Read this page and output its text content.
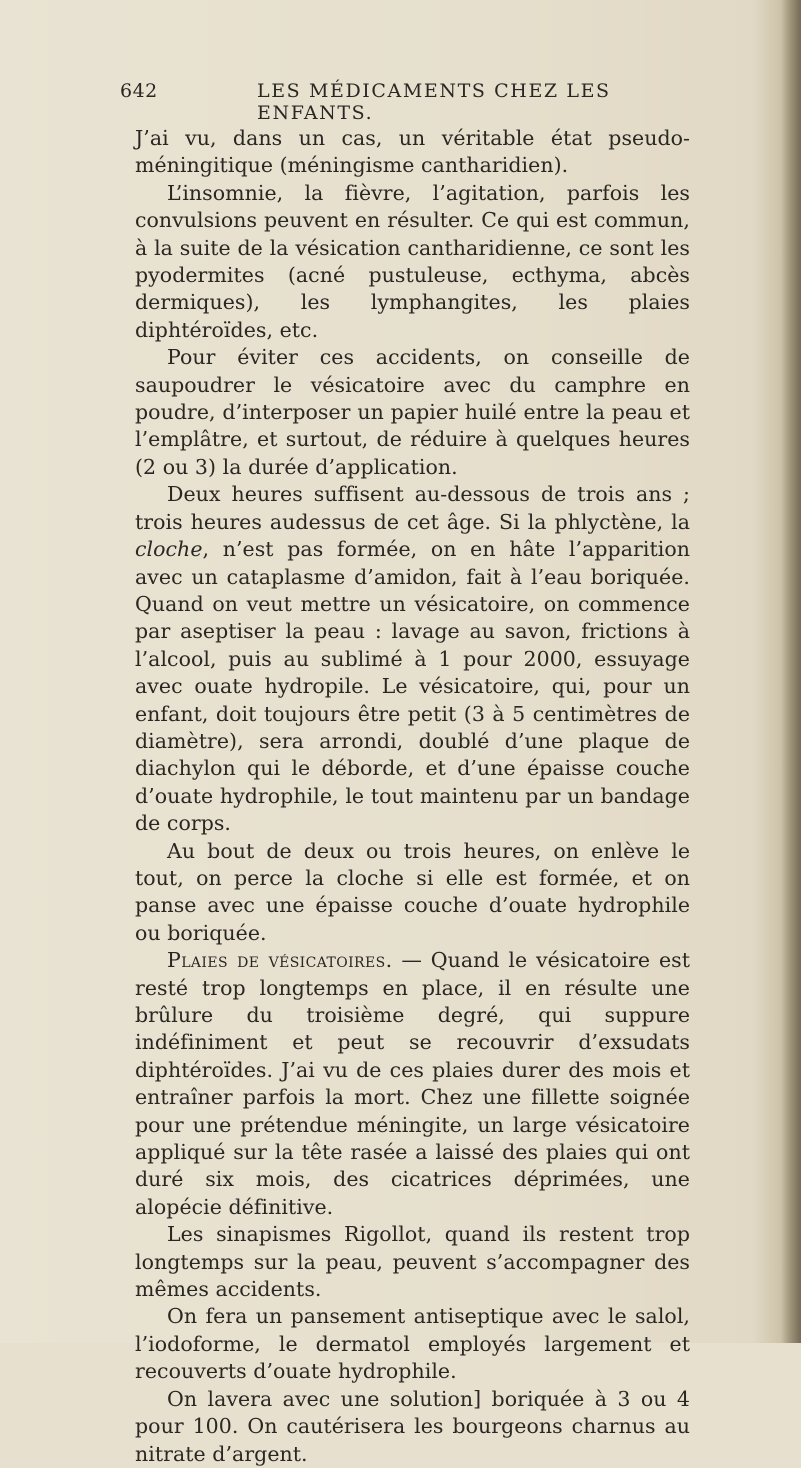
642	LES MÉDICAMENTS CHEZ LES ENFANTS.

J’ai vu, dans un cas, un véritable état pseudo-méningitique (méningisme cantharidien).

L’insomnie, la fièvre, l’agitation, parfois les convulsions peuvent en résulter. Ce qui est commun, à la suite de la vésication cantharidienne, ce sont les pyodermites (acné pustuleuse, ecthyma, abcès dermiques), les lymphangites, les plaies diphtéroïdes, etc.

Pour éviter ces accidents, on conseille de saupoudrer le vésicatoire avec du camphre en poudre, d’interposer un papier huilé entre la peau et l’emplâtre, et surtout, de réduire à quelques heures (2 ou 3) la durée d’application.

Deux heures suffisent au-dessous de trois ans ; trois heures audessus de cet âge. Si la phlyctène, la cloche, n’est pas formée, on en hâte l’apparition avec un cataplasme d’amidon, fait à l’eau boriquée. Quand on veut mettre un vésicatoire, on commence par aseptiser la peau : lavage au savon, frictions à l’alcool, puis au sublimé à 1 pour 2000, essuyage avec ouate hydropile. Le vésicatoire, qui, pour un enfant, doit toujours être petit (3 à 5 centimètres de diamètre), sera arrondi, doublé d’une plaque de diachylon qui le déborde, et d’une épaisse couche d’ouate hydrophile, le tout maintenu par un bandage de corps.

Au bout de deux ou trois heures, on enlève le tout, on perce la cloche si elle est formée, et on panse avec une épaisse couche d’ouate hydrophile ou boriquée.

Plaies de vésicatoires. — Quand le vésicatoire est resté trop longtemps en place, il en résulte une brûlure du troisième degré, qui suppure indéfiniment et peut se recouvrir d’exsudats diphtéroïdes. J’ai vu de ces plaies durer des mois et entraîner parfois la mort. Chez une fillette soignée pour une prétendue méningite, un large vésicatoire appliqué sur la tête rasée a laissé des plaies qui ont duré six mois, des cicatrices déprimées, une alopécie définitive.

Les sinapismes Rigollot, quand ils restent trop longtemps sur la peau, peuvent s’accompagner des mêmes accidents.

On fera un pansement antiseptique avec le salol, l’iodoforme, le dermatol employés largement et recouverts d’ouate hydrophile.

On lavera avec une solution] boriquée à 3 ou 4 pour 100. On cautérisera les bourgeons charnus au nitrate d’argent.
